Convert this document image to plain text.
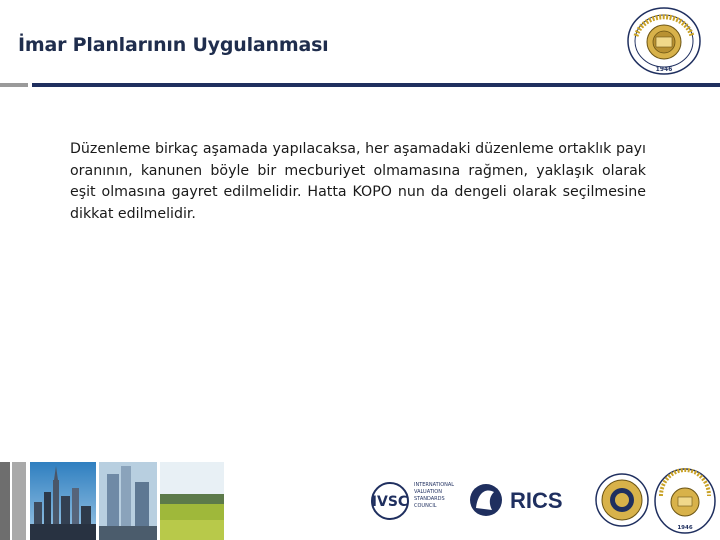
İmar Planlarının Uygulanması
1946
Düzenleme birkaç aşamada yapılacaksa, her aşamadaki düzenleme ortaklık payı oranının, kanunen böyle bir mecburiyet olmamasına rağmen, yaklaşık olarak eşit olmasına gayret edilmelidir. Hatta KOPO nun da dengeli olarak seçilmesine dikkat edilmelidir.
IVSC
INTERNATIONAL
VALUATION
STANDARDS
COUNCIL	RICS
1946
